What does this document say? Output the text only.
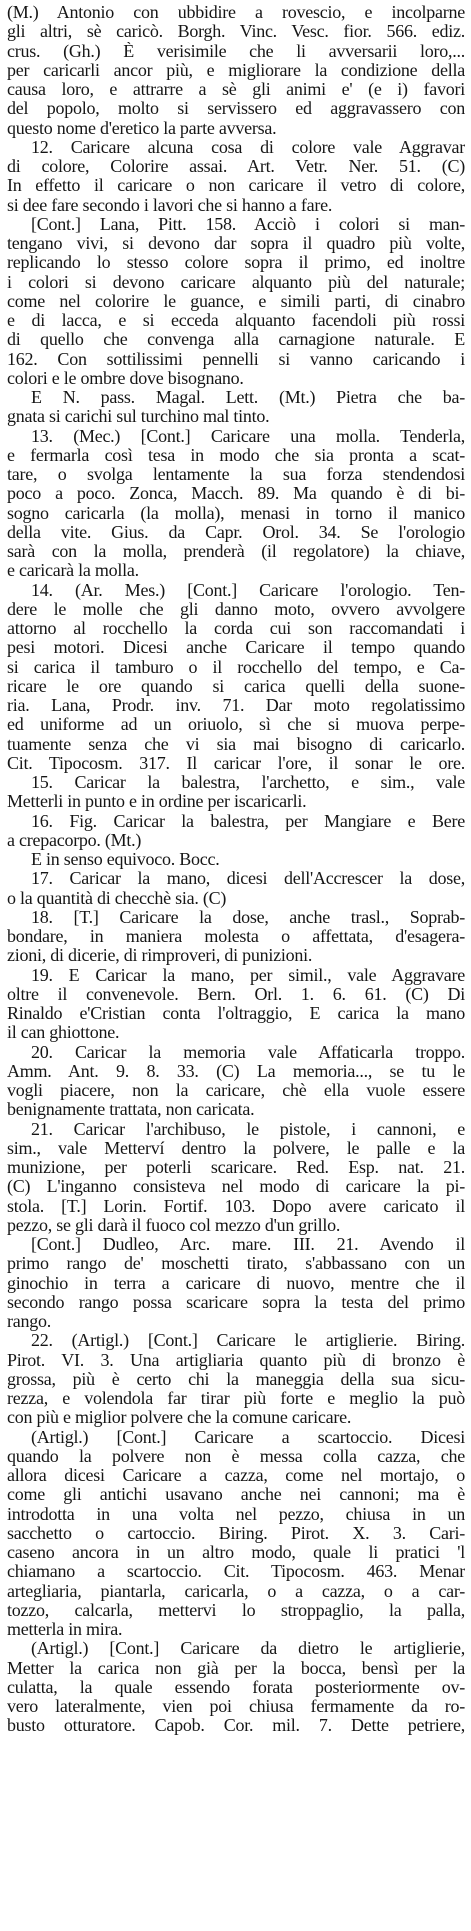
(M.) Antonio con ubbidire a rovescio, e incolparne
gli altri, sè caricò. Borgh. Vinc. Vesc. fior. 566. ediz.
crus. (Gh.) È verisimile che li avversarii loro,...
per caricarli ancor più, e migliorare la condizione della
causa loro, e attrarre a sè gli animi e' (e i) favori
del popolo, molto si servissero ed aggravassero con
questo nome d'eretico la parte avversa.
12. Caricare alcuna cosa di colore vale Aggravar
di colore, Colorire assai. Art. Vetr. Ner. 51. (C)
In effetto il caricare o non caricare il vetro di colore,
si dee fare secondo i lavori che si hanno a fare.
[Cont.] Lana, Pitt. 158. Acciò i colori si man-
tengano vivi, si devono dar sopra il quadro più volte,
replicando lo stesso colore sopra il primo, ed inoltre
i colori si devono caricare alquanto più del naturale;
come nel colorire le guance, e simili parti, di cinabro
e di lacca, e si ecceda alquanto facendoli più rossi
di quello che convenga alla carnagione naturale. E
162. Con sottilissimi pennelli si vanno caricando i
colori e le ombre dove bisognano.
E N. pass. Magal. Lett. (Mt.) Pietra che ba-
gnata si carichi sul turchino mal tinto.
13. (Mec.) [Cont.] Caricare una molla. Tenderla,
e fermarla così tesa in modo che sia pronta a scat-
tare, o svolga lentamente la sua forza stendendosi
poco a poco. Zonca, Macch. 89. Ma quando è di bi-
sogno caricarla (la molla), menasi in torno il manico
della vite. Gius. da Capr. Orol. 34. Se l'orologio
sarà con la molla, prenderà (il regolatore) la chiave,
e caricarà la molla.
14. (Ar. Mes.) [Cont.] Caricare l'orologio. Ten-
dere le molle che gli danno moto, ovvero avvolgere
attorno al rocchello la corda cui son raccomandati i
pesi motori. Dicesi anche Caricare il tempo quando
si carica il tamburo o il rocchello del tempo, e Ca-
ricare le ore quando si carica quelli della suone-
ria. Lana, Prodr. inv. 71. Dar moto regolatissimo
ed uniforme ad un oriuolo, sì che si muova perpe-
tuamente senza che vi sia mai bisogno di caricarlo.
Cit. Tipocosm. 317. Il caricar l'ore, il sonar le ore.
15. Caricar la balestra, l'archetto, e sim., vale
Metterli in punto e in ordine per iscaricarli.
16. Fig. Caricar la balestra, per Mangiare e Bere
a crepacorpo. (Mt.)
E in senso equivoco. Bocc.
17. Caricar la mano, dicesi dell'Accrescer la dose,
o la quantità di checchè sia. (C)
18. [T.] Caricare la dose, anche trasl., Soprab-
bondare, in maniera molesta o affettata, d'esagera-
zioni, di dicerie, di rimproveri, di punizioni.
19. E Caricar la mano, per simil., vale Aggravare
oltre il convenevole. Bern. Orl. 1. 6. 61. (C) Di
Rinaldo e'Cristian conta l'oltraggio, E carica la mano
il can ghiottone.
20. Caricar la memoria vale Affaticarla troppo.
Amm. Ant. 9. 8. 33. (C) La memoria..., se tu le
vogli piacere, non la caricare, chè ella vuole essere
benignamente trattata, non caricata.
21. Caricar l'archibuso, le pistole, i cannoni, e
sim., vale Metterví dentro la polvere, le palle e la
munizione, per poterli scaricare. Red. Esp. nat. 21.
(C) L'inganno consisteva nel modo di caricare la pi-
stola. [T.] Lorin. Fortif. 103. Dopo avere caricato il
pezzo, se gli darà il fuoco col mezzo d'un grillo.
[Cont.] Dudleo, Arc. mare. III. 21. Avendo il
primo rango de' moschetti tirato, s'abbassano con un
ginochio in terra a caricare di nuovo, mentre che il
secondo rango possa scaricare sopra la testa del primo
rango.
22. (Artigl.) [Cont.] Caricare le artiglierie. Biring.
Pirot. VI. 3. Una artigliaria quanto più di bronzo è
grossa, più è certo chi la maneggia della sua sicu-
rezza, e volendola far tirar più forte e meglio la può
con più e miglior polvere che la comune caricare.
(Artigl.) [Cont.] Caricare a scartoccio. Dicesi
quando la polvere non è messa colla cazza, che
allora dicesi Caricare a cazza, come nel mortajo, o
come gli antichi usavano anche nei cannoni; ma è
introdotta in una volta nel pezzo, chiusa in un
sacchetto o cartoccio. Biring. Pirot. X. 3. Cari-
caseno ancora in un altro modo, quale li pratici 'l
chiamano a scartoccio. Cit. Tipocosm. 463. Menar
artegliaria, piantarla, caricarla, o a cazza, o a car-
tozzo, calcarla, mettervi lo stroppaglio, la palla,
metterla in mira.
(Artigl.) [Cont.] Caricare da dietro le artiglierie,
Metter la carica non già per la bocca, bensì per la
culatta, la quale essendo forata posteriormente ov-
vero lateralmente, vien poi chiusa fermamente da ro-
busto otturatore. Capob. Cor. mil. 7. Dette petriere,
